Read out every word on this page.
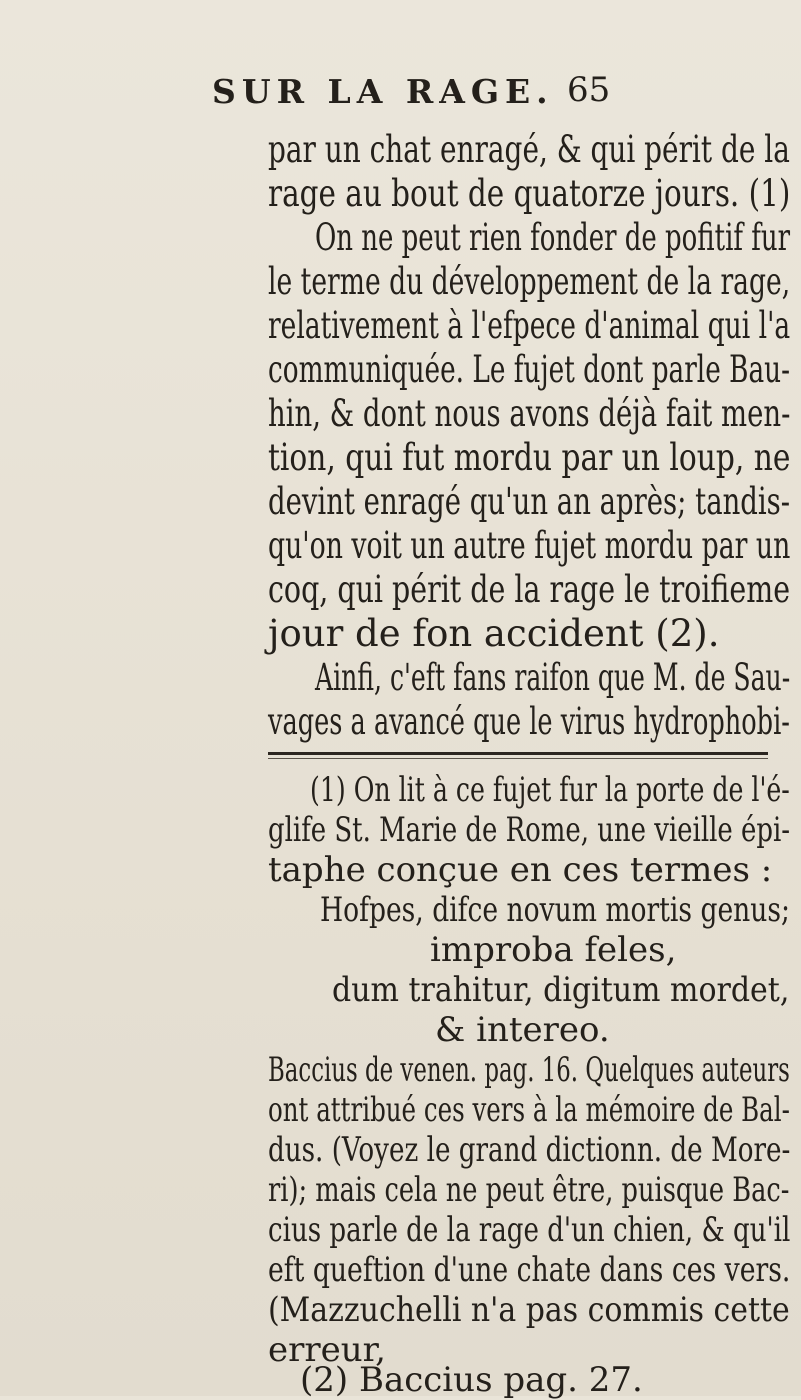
SUR LA RAGE. 65
par un chat enragé, & qui périt de la
rage au bout de quatorze jours. (1)
On ne peut rien fonder de pofitif fur
le terme du développement de la rage,
relativement à l'efpece d'animal qui l'a
communiquée. Le fujet dont parle Bau-
hin, & dont nous avons déjà fait men-
tion, qui fut mordu par un loup, ne
devint enragé qu'un an après; tandis-
qu'on voit un autre fujet mordu par un
coq, qui périt de la rage le troifieme
jour de fon accident (2).
Ainfi, c'eft fans raifon que M. de Sau-
vages a avancé que le virus hydrophobi-
(1) On lit à ce fujet fur la porte de l'é-
glife St. Marie de Rome, une vieille épi-
taphe conçue en ces termes :
Hofpes, difce novum mortis genus;
improba feles,
dum trahitur, digitum mordet,
& intereo.
Baccius de venen. pag. 16. Quelques auteurs
ont attribué ces vers à la mémoire de Bal-
dus. (Voyez le grand dictionn. de More-
ri); mais cela ne peut être, puisque Bac-
cius parle de la rage d'un chien, & qu'il
eft queftion d'une chate dans ces vers.
(Mazzuchelli n'a pas commis cette
erreur,
(2) Baccius pag. 27.
